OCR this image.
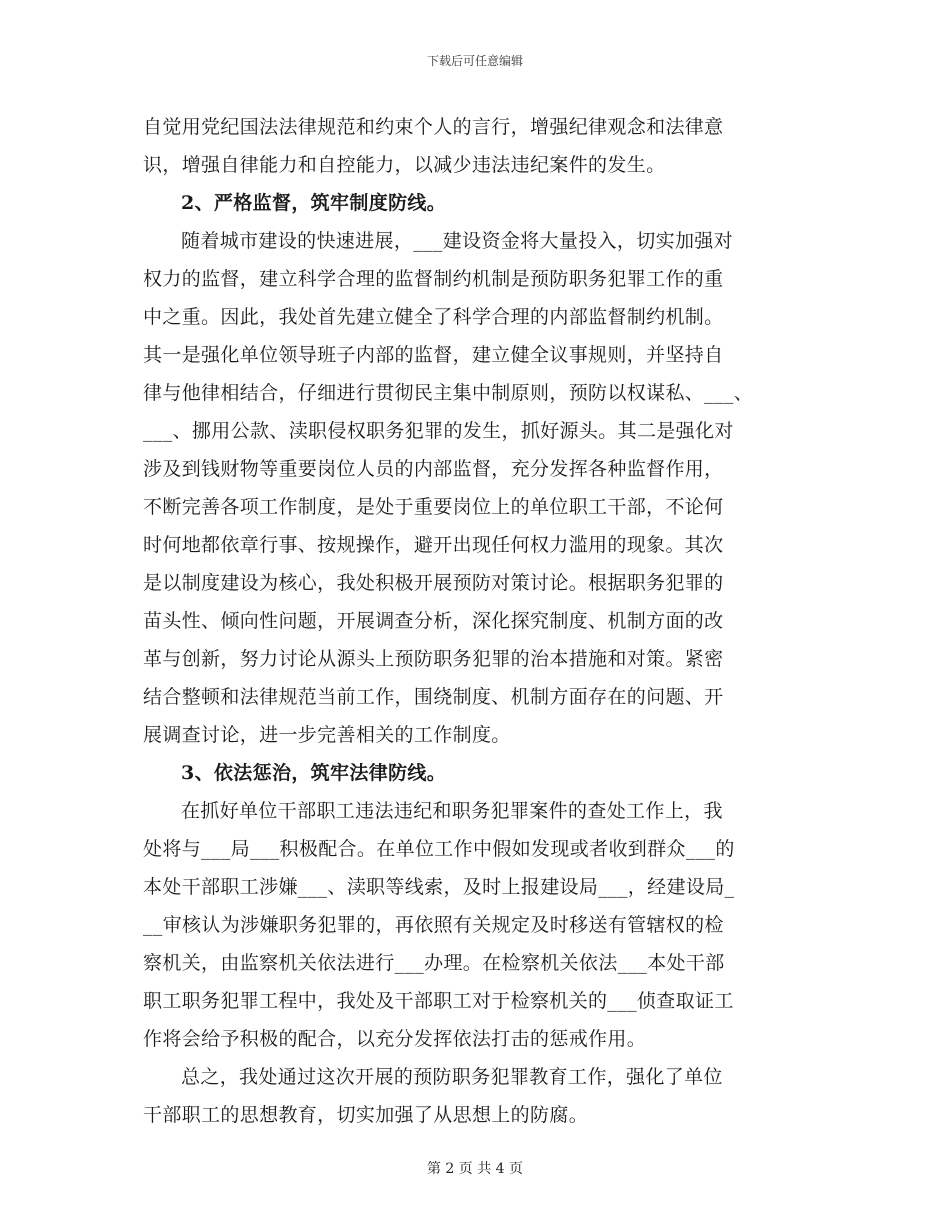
下载后可任意编辑
自觉用党纪国法法律规范和约束个人的言行，增强纪律观念和法律意
识，增强自律能力和自控能力，以减少违法违纪案件的发生。
2、严格监督，筑牢制度防线。
随着城市建设的快速进展，___建设资金将大量投入，切实加强对
权力的监督，建立科学合理的监督制约机制是预防职务犯罪工作的重
中之重。因此，我处首先建立健全了科学合理的内部监督制约机制。
其一是强化单位领导班子内部的监督，建立健全议事规则，并坚持自
律与他律相结合，仔细进行贯彻民主集中制原则，预防以权谋私、___、
___、挪用公款、渎职侵权职务犯罪的发生，抓好源头。其二是强化对
涉及到钱财物等重要岗位人员的内部监督，充分发挥各种监督作用，
不断完善各项工作制度，是处于重要岗位上的单位职工干部，不论何
时何地都依章行事、按规操作，避开出现任何权力滥用的现象。其次
是以制度建设为核心，我处积极开展预防对策讨论。根据职务犯罪的
苗头性、倾向性问题，开展调查分析，深化探究制度、机制方面的改
革与创新，努力讨论从源头上预防职务犯罪的治本措施和对策。紧密
结合整顿和法律规范当前工作，围绕制度、机制方面存在的问题、开
展调查讨论，进一步完善相关的工作制度。
3、依法惩治，筑牢法律防线。
在抓好单位干部职工违法违纪和职务犯罪案件的查处工作上，我
处将与___局___积极配合。在单位工作中假如发现或者收到群众___的
本处干部职工涉嫌___、渎职等线索，及时上报建设局___，经建设局_
__审核认为涉嫌职务犯罪的，再依照有关规定及时移送有管辖权的检
察机关，由监察机关依法进行___办理。在检察机关依法___本处干部
职工职务犯罪工程中，我处及干部职工对于检察机关的___侦查取证工
作将会给予积极的配合，以充分发挥依法打击的惩戒作用。
总之，我处通过这次开展的预防职务犯罪教育工作，强化了单位
干部职工的思想教育，切实加强了从思想上的防腐。
第 2 页 共 4 页
